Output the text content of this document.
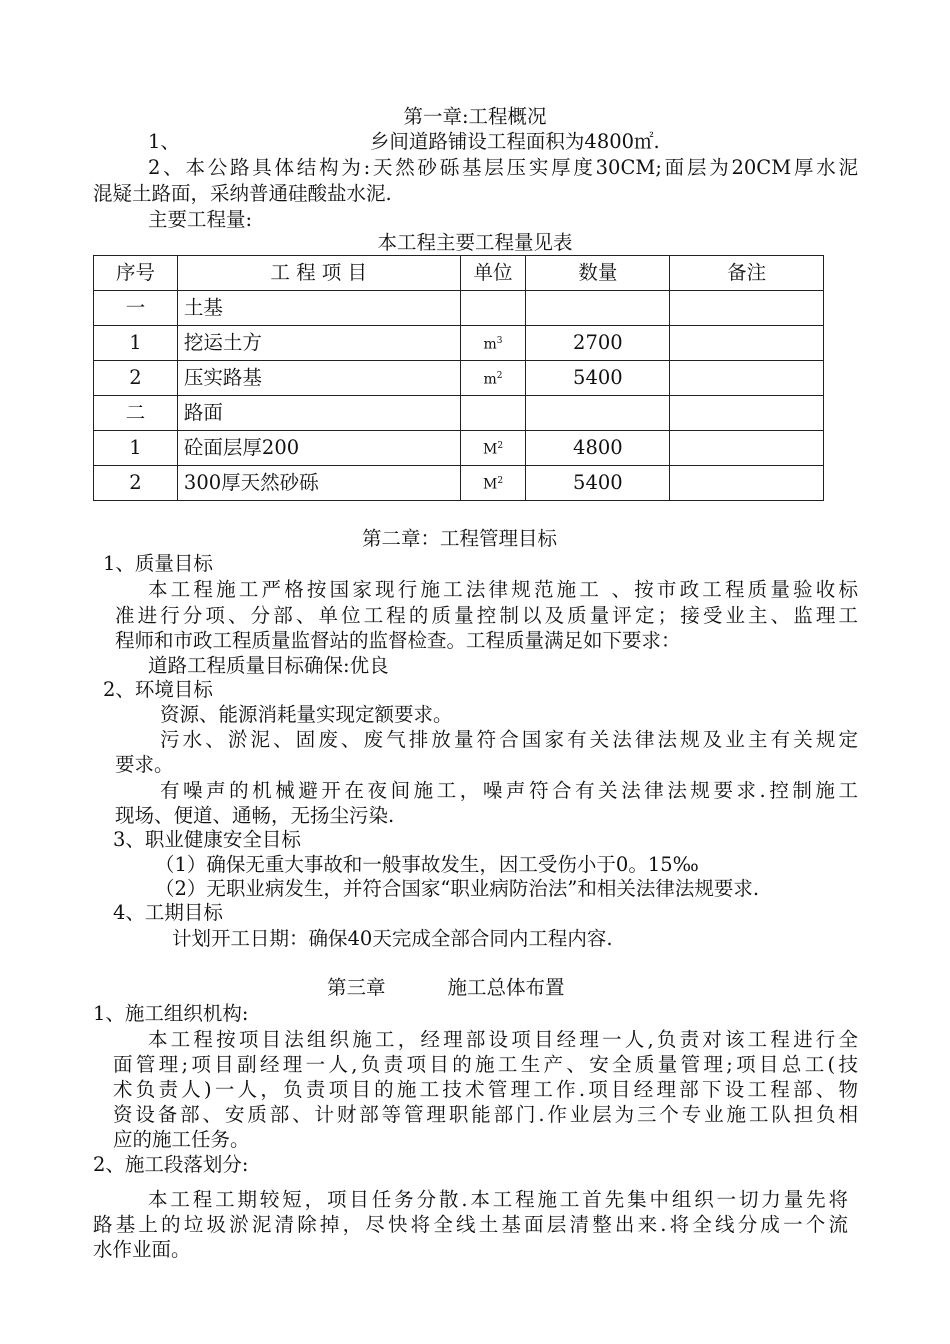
第一章:工程概况
1、	乡间道路铺设工程面积为4800㎡.
2、本公路具体结构为:天然砂砾基层压实厚度30CM;面层为20CM厚水泥
混疑土路面，采纳普通硅酸盐水泥.
主要工程量:
本工程主要工程量见表
序号	工 程 项 目	单位	数量	备注
一	土基			
1	挖运土方	$m^3$	2700	
2	压实路基	$m^2$	5400	
二	路面			
1	砼面层厚200	$M^2$	4800	
2	300厚天然砂砾	$M^2$	5400	
第二章：工程管理目标
1、质量目标
本工程施工严格按国家现行施工法律规范施工 、按市政工程质量验收标
准进行分项、分部、单位工程的质量控制以及质量评定；接受业主、监理工
程师和市政工程质量监督站的监督检查。工程质量满足如下要求：
道路工程质量目标确保:优良
2、环境目标
资源、能源消耗量实现定额要求。
污水、淤泥、固废、废气排放量符合国家有关法律法规及业主有关规定
要求。
有噪声的机械避开在夜间施工，噪声符合有关法律法规要求.控制施工
现场、便道、通畅，无扬尘污染.
3、职业健康安全目标
（1）确保无重大事故和一般事故发生，因工受伤小于0。15‰
（2）无职业病发生，并符合国家“职业病防治法”和相关法律法规要求.
4、工期目标
计划开工日期：确保40天完成全部合同内工程内容.
第三章	施工总体布置
1、施工组织机构:
本工程按项目法组织施工，经理部设项目经理一人,负责对该工程进行全
面管理;项目副经理一人,负责项目的施工生产、安全质量管理;项目总工(技
术负责人)一人，负责项目的施工技术管理工作.项目经理部下设工程部、物
资设备部、安质部、计财部等管理职能部门.作业层为三个专业施工队担负相
应的施工任务。
2、施工段落划分:
本工程工期较短，项目任务分散.本工程施工首先集中组织一切力量先将
路基上的垃圾淤泥清除掉，尽快将全线土基面层清整出来.将全线分成一个流
水作业面。
